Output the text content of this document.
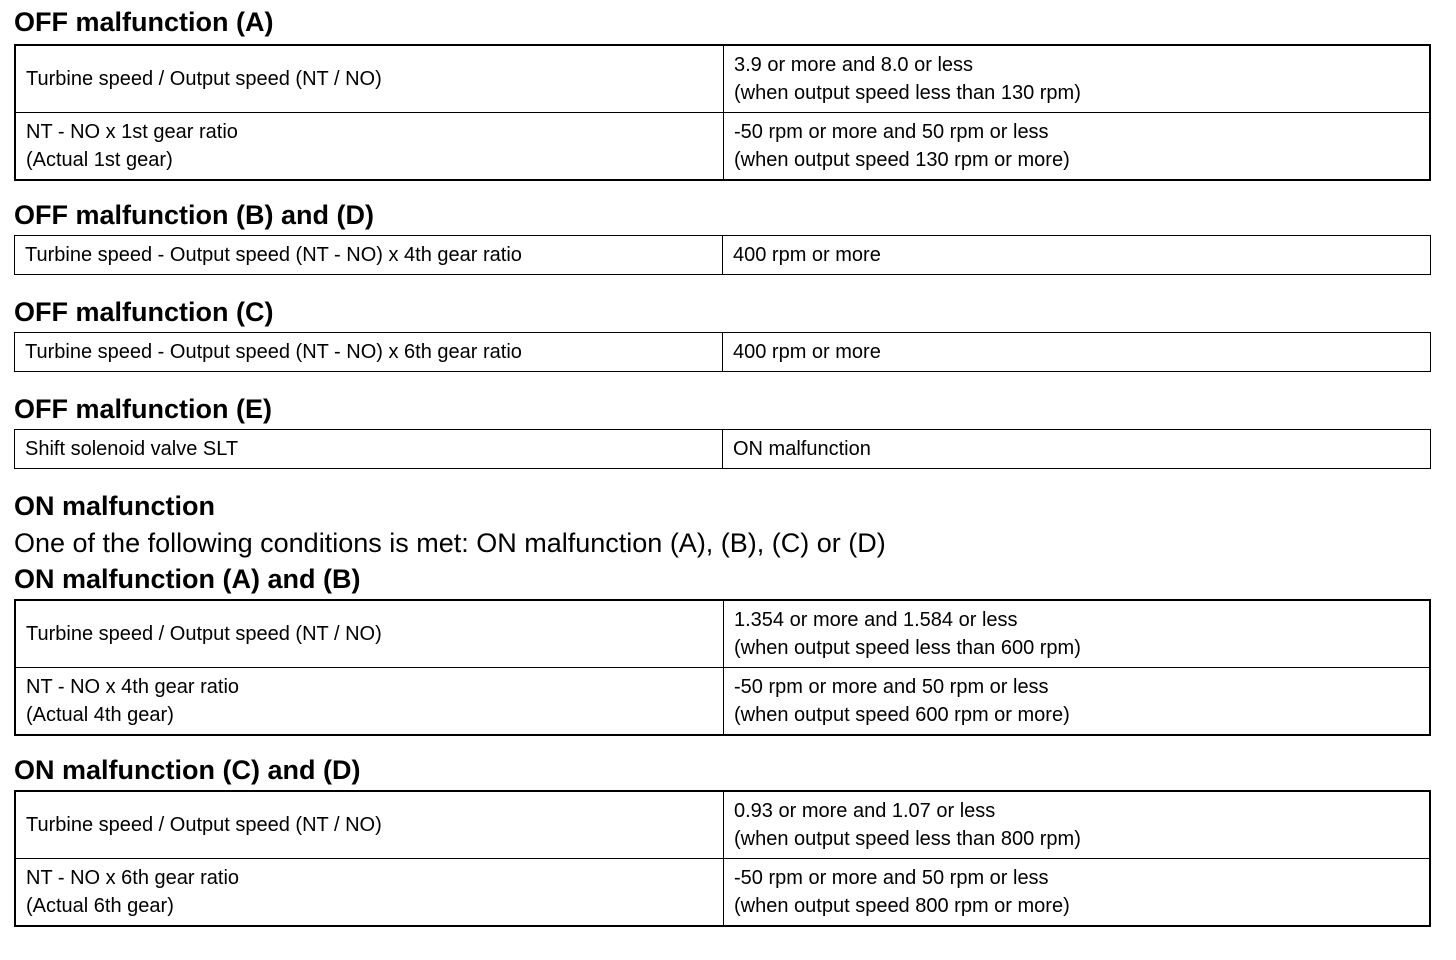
OFF malfunction (A)
Turbine speed / Output speed (NT / NO)	3.9 or more and 8.0 or less
(when output speed less than 130 rpm)

NT - NO x 1st gear ratio
(Actual 1st gear)	-50 rpm or more and 50 rpm or less
(when output speed 130 rpm or more)
OFF malfunction (B) and (D)
Turbine speed - Output speed (NT - NO) x 4th gear ratio	400 rpm or more
OFF malfunction (C)
Turbine speed - Output speed (NT - NO) x 6th gear ratio	400 rpm or more
OFF malfunction (E)
Shift solenoid valve SLT	ON malfunction
ON malfunction

One of the following conditions is met: ON malfunction (A), (B), (C) or (D)

ON malfunction (A) and (B)
Turbine speed / Output speed (NT / NO)	1.354 or more and 1.584 or less
(when output speed less than 600 rpm)

NT - NO x 4th gear ratio
(Actual 4th gear)	-50 rpm or more and 50 rpm or less
(when output speed 600 rpm or more)
ON malfunction (C) and (D)
Turbine speed / Output speed (NT / NO)	0.93 or more and 1.07 or less
(when output speed less than 800 rpm)

NT - NO x 6th gear ratio
(Actual 6th gear)	-50 rpm or more and 50 rpm or less
(when output speed 800 rpm or more)
